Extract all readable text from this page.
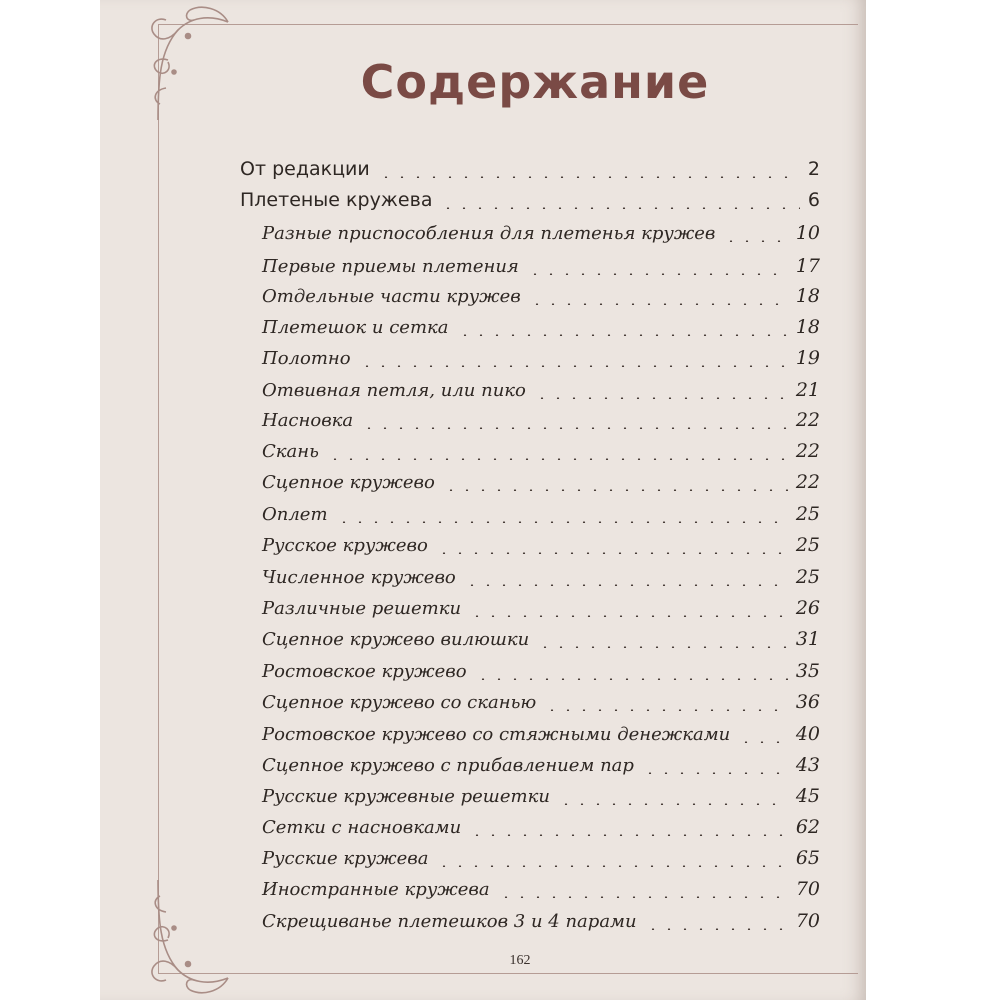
Содержание
От редакции	2
Плетеные кружева	6
Разные приспособления для плетенья кружев	10
Первые приемы плетения	17
Отдельные части кружев	18
Плетешок и сетка	18
Полотно	19
Отвивная петля, или пико	21
Насновка	22
Скань	22
Сцепное кружево	22
Оплет	25
Русское кружево	25
Численное кружево	25
Различные решетки	26
Сцепное кружево вилюшки	31
Ростовское кружево	35
Сцепное кружево со сканью	36
Ростовское кружево со стяжными денежками	40
Сцепное кружево с прибавлением пар	43
Русские кружевные решетки	45
Сетки с насновками	62
Русские кружева	65
Иностранные кружева	70
Скрещиванье плетешков 3 и 4 парами	70
162
